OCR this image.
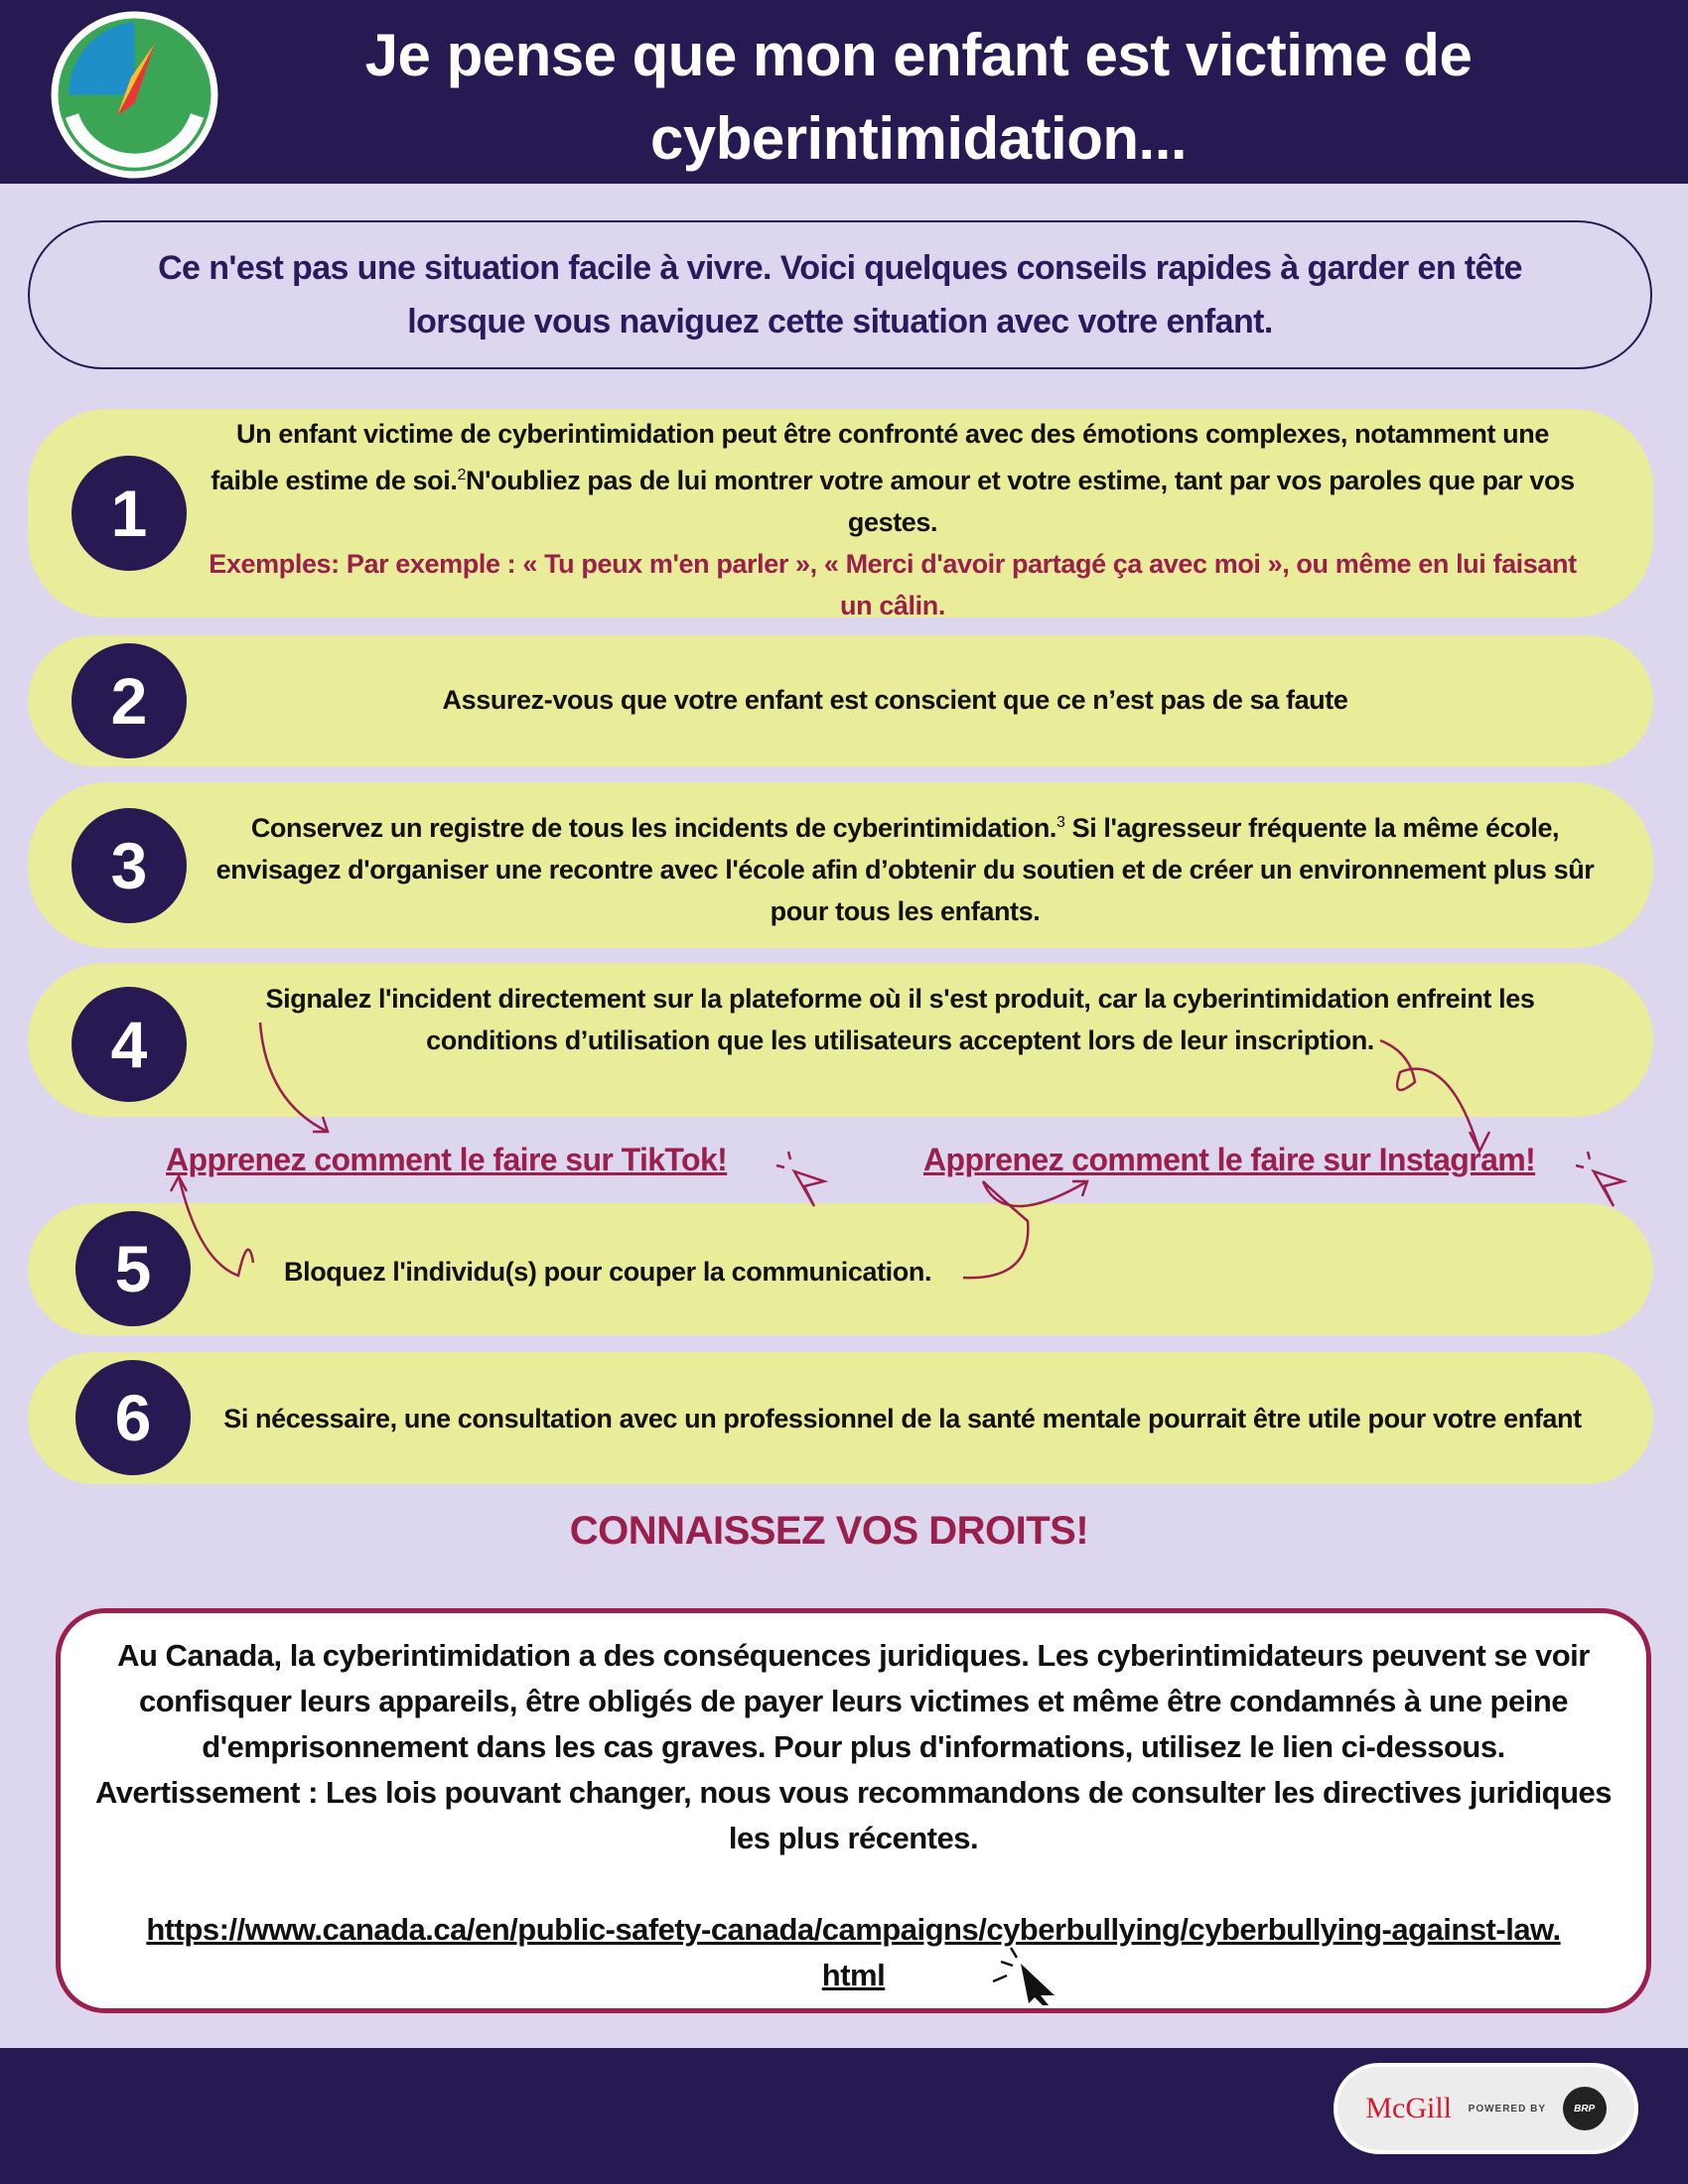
Je pense que mon enfant est victime de cyberintimidation...
Ce n'est pas une situation facile à vivre. Voici quelques conseils rapides à garder en tête lorsque vous naviguez cette situation avec votre enfant.
1
Un enfant victime de cyberintimidation peut être confronté avec des émotions complexes, notamment une faible estime de soi.$^2$N'oubliez pas de lui montrer votre amour et votre estime, tant par vos paroles que par vos gestes.
Exemples: Par exemple : « Tu peux m'en parler », « Merci d'avoir partagé ça avec moi », ou même en lui faisant un câlin.
2	Assurez-vous que votre enfant est conscient que ce n’est pas de sa faute
3
Conservez un registre de tous les incidents de cyberintimidation.$^3$ Si l'agresseur fréquente la même école, envisagez d'organiser une recontre avec l'école afin d’obtenir du soutien et de créer un environnement plus sûr pour tous les enfants.
4
Signalez l'incident directement sur la plateforme où il s'est produit, car la cyberintimidation enfreint les conditions d’utilisation que les utilisateurs acceptent lors de leur inscription.
Apprenez comment le faire sur TikTok!	Apprenez comment le faire sur Instagram!
5	Bloquez l'individu(s) pour couper la communication.
6	Si nécessaire, une consultation avec un professionnel de la santé mentale pourrait être utile pour votre enfant
CONNAISSEZ VOS DROITS!
Au Canada, la cyberintimidation a des conséquences juridiques. Les cyberintimidateurs peuvent se voir confisquer leurs appareils, être obligés de payer leurs victimes et même être condamnés à une peine d'emprisonnement dans les cas graves. Pour plus d'informations, utilisez le lien ci-dessous.
Avertissement : Les lois pouvant changer, nous vous recommandons de consulter les directives juridiques les plus récentes.
https://www.canada.ca/en/public-safety-canada/campaigns/cyberbullying/cyberbullying-against-law.html
McGill POWERED BY	BRP
